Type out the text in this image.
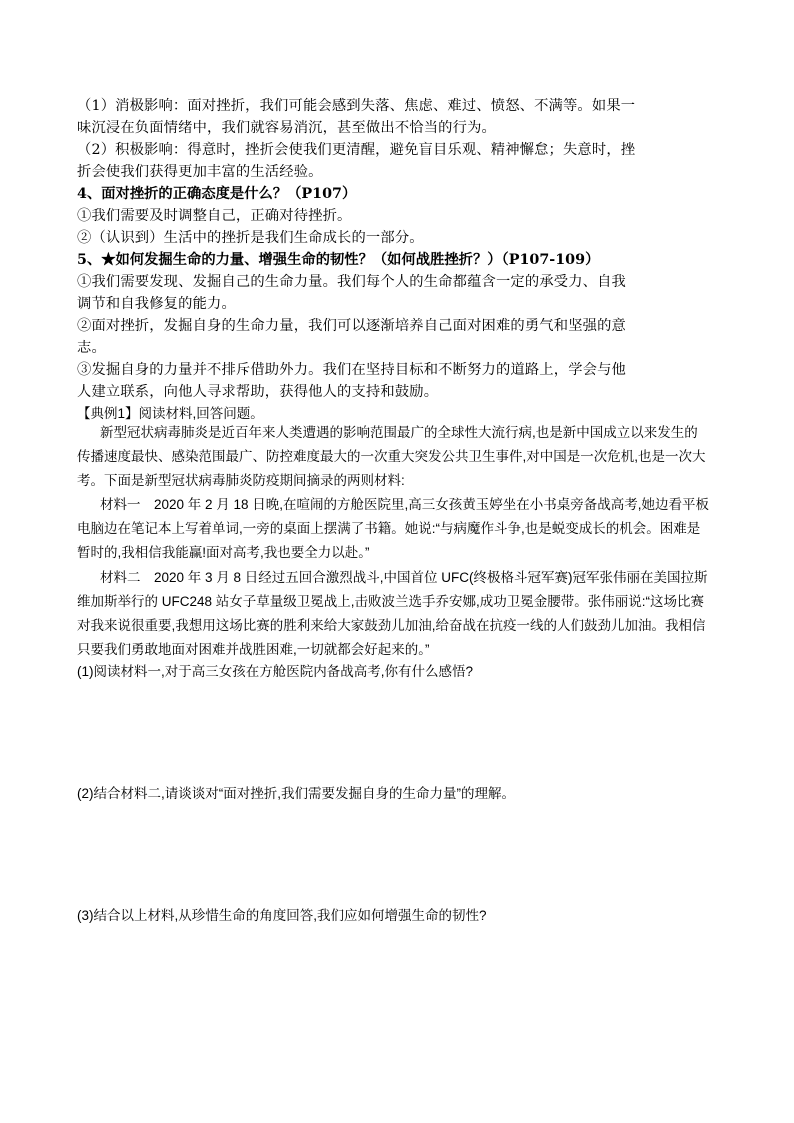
（1）消极影响：面对挫折，我们可能会感到失落、焦虑、难过、愤怒、不满等。如果一
味沉浸在负面情绪中，我们就容易消沉，甚至做出不恰当的行为。
（2）积极影响：得意时，挫折会使我们更清醒，避免盲目乐观、精神懈怠；失意时，挫
折会使我们获得更加丰富的生活经验。
4、面对挫折的正确态度是什么？（P107）
①我们需要及时调整自己，正确对待挫折。
②（认识到）生活中的挫折是我们生命成长的一部分。
5、★如何发掘生命的力量、增强生命的韧性？（如何战胜挫折？）（P107-109）
①我们需要发现、发掘自己的生命力量。我们每个人的生命都蕴含一定的承受力、自我
调节和自我修复的能力。
②面对挫折，发掘自身的生命力量，我们可以逐渐培养自己面对困难的勇气和坚强的意
志。
③发掘自身的力量并不排斥借助外力。我们在坚持目标和不断努力的道路上，学会与他
人建立联系，向他人寻求帮助，获得他人的支持和鼓励。
【典例1】阅读材料,回答问题。
新型冠状病毒肺炎是近百年来人类遭遇的影响范围最广的全球性大流行病,也是新中国成立以来发生的
传播速度最快、感染范围最广、防控难度最大的一次重大突发公共卫生事件,对中国是一次危机,也是一次大
考。下面是新型冠状病毒肺炎防疫期间摘录的两则材料:
材料一　2020 年 2 月 18 日晚,在喧闹的方舱医院里,高三女孩黄玉婷坐在小书桌旁备战高考,她边看平板
电脑边在笔记本上写着单词,一旁的桌面上摆满了书籍。她说:“与病魔作斗争,也是蜕变成长的机会。困难是
暂时的,我相信我能赢!面对高考,我也要全力以赴。”
材料二　2020 年 3 月 8 日经过五回合激烈战斗,中国首位 UFC(终极格斗冠军赛)冠军张伟丽在美国拉斯
维加斯举行的 UFC248 站女子草量级卫冕战上,击败波兰选手乔安娜,成功卫冕金腰带。张伟丽说:“这场比赛
对我来说很重要,我想用这场比赛的胜利来给大家鼓劲儿加油,给奋战在抗疫一线的人们鼓劲儿加油。我相信
只要我们勇敢地面对困难并战胜困难,一切就都会好起来的。”
(1)阅读材料一,对于高三女孩在方舱医院内备战高考,你有什么感悟?
(2)结合材料二,请谈谈对“面对挫折,我们需要发掘自身的生命力量”的理解。
(3)结合以上材料,从珍惜生命的角度回答,我们应如何增强生命的韧性?
